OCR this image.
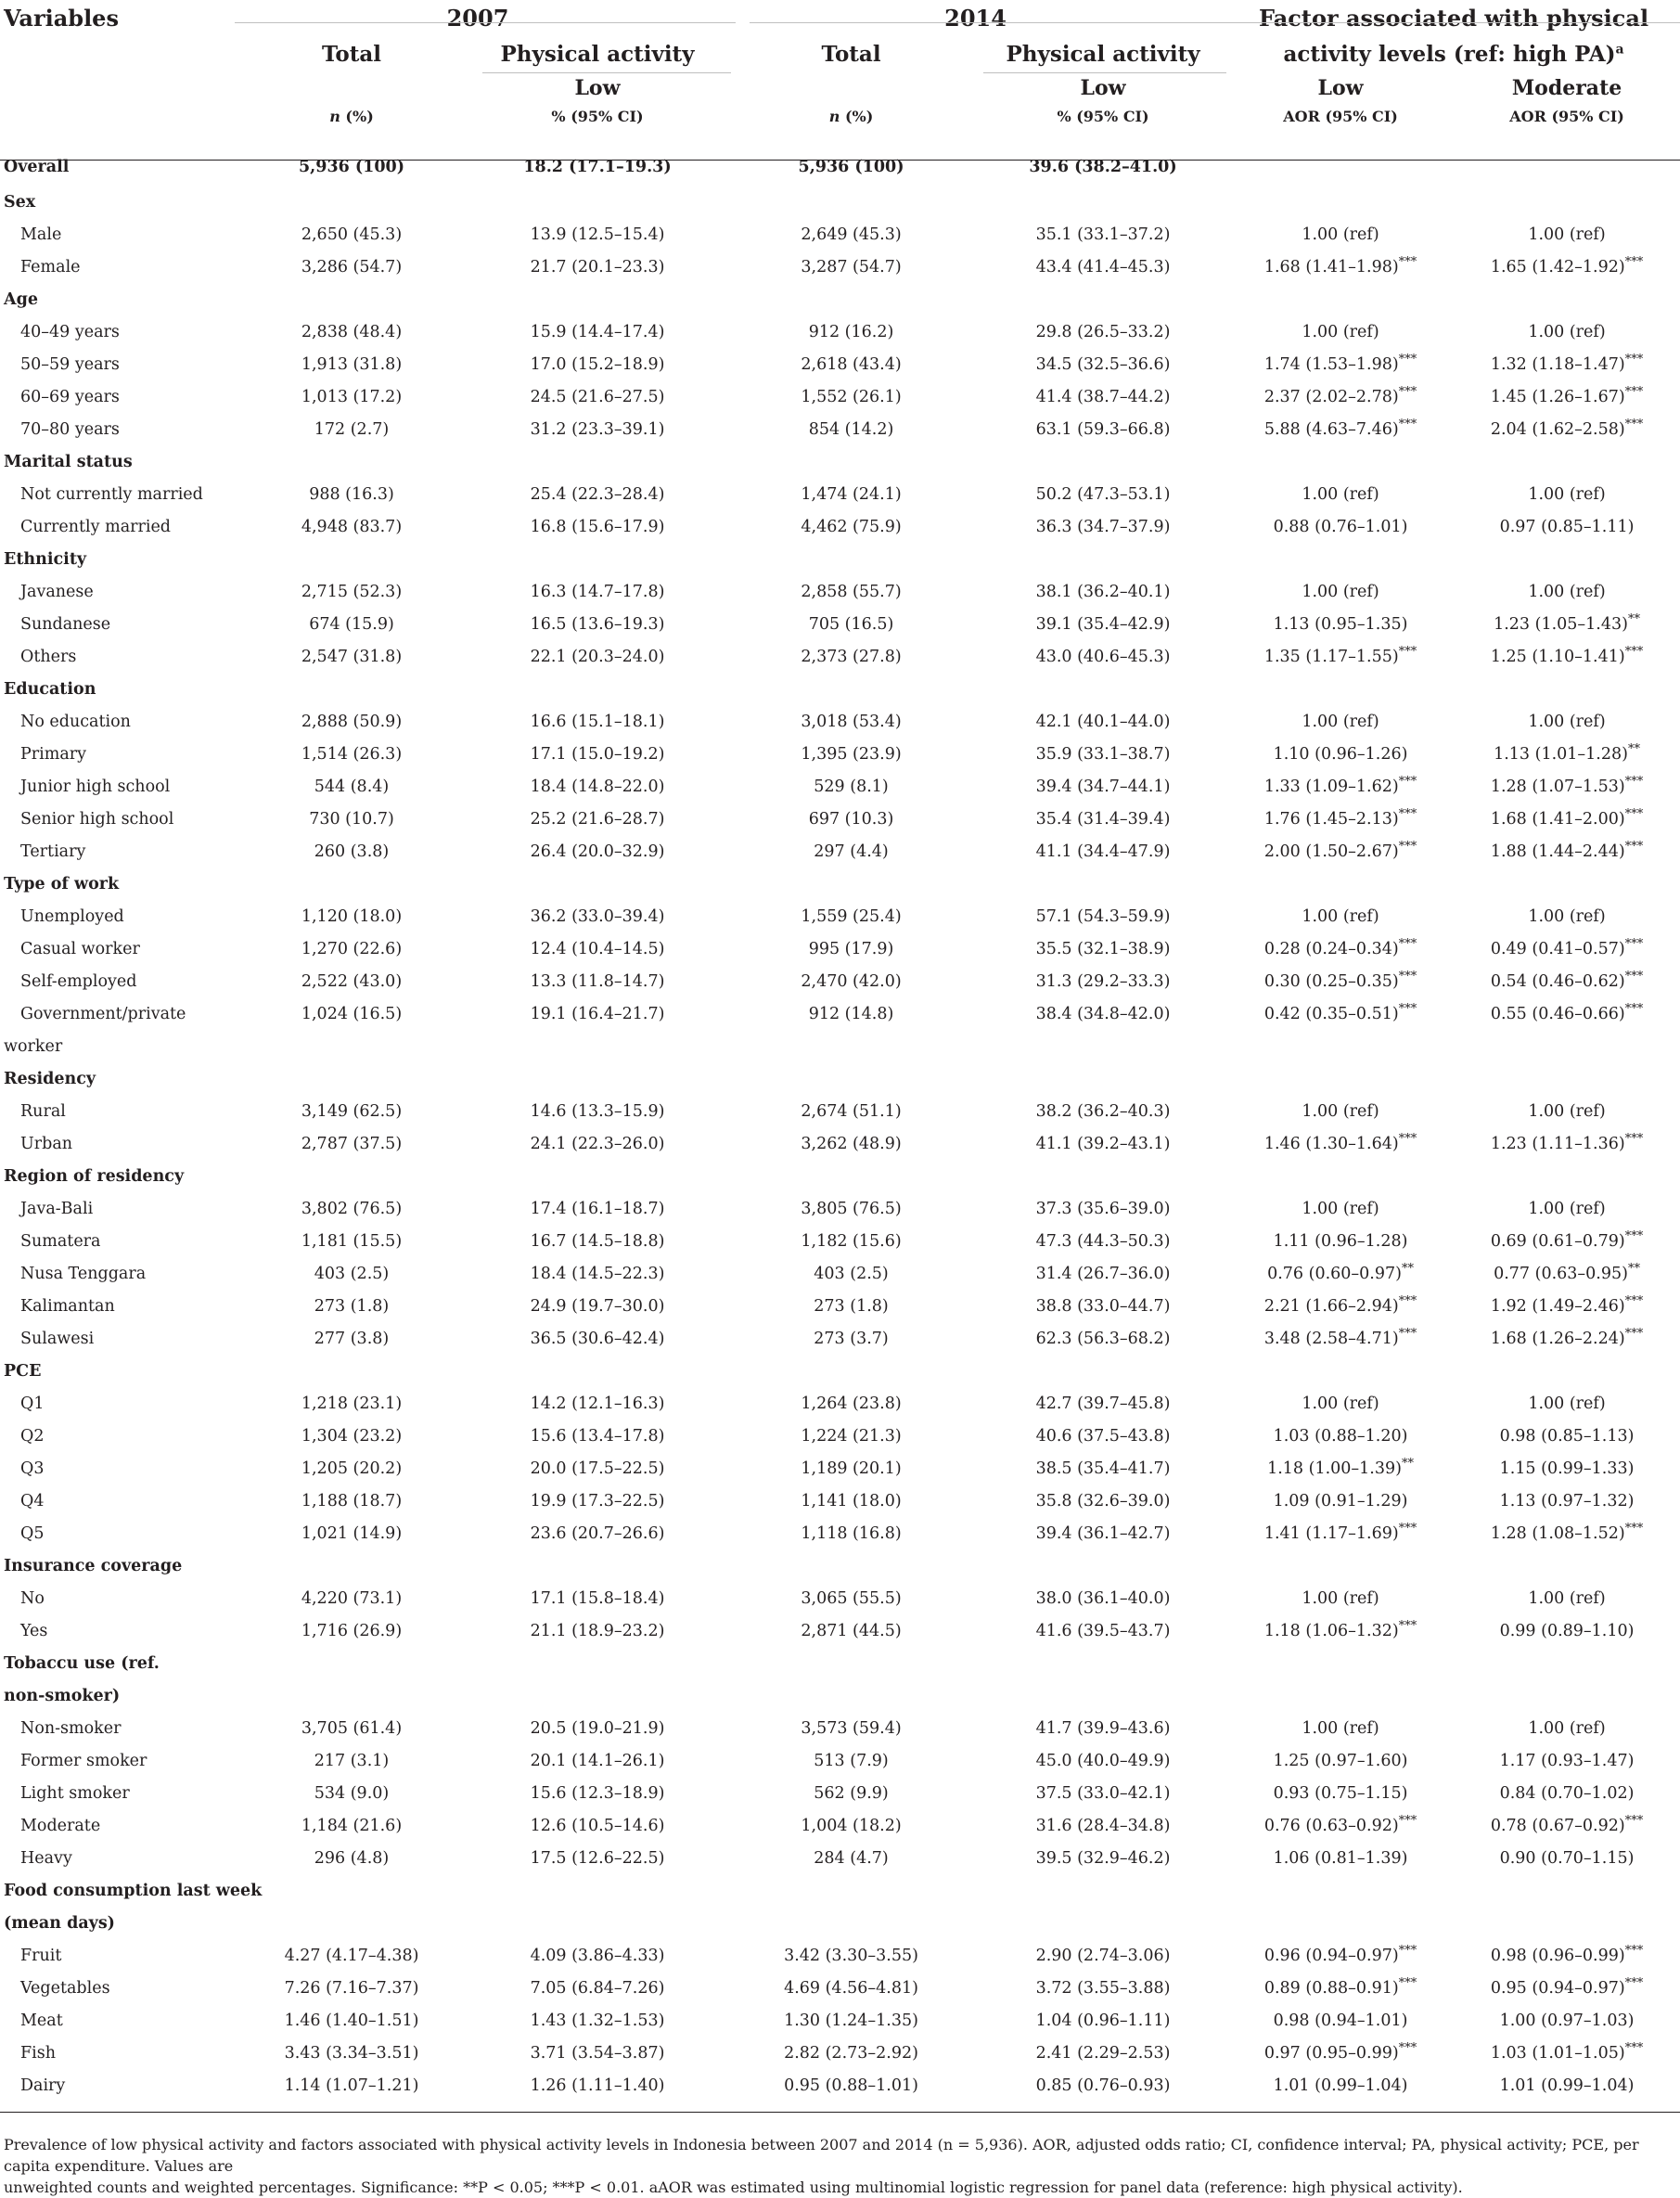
Variables	2007		2014		Factor associated with physical	
	Total	Physical activity	Total	Physical activity	activity levels (ref: high PA)$^a$
		Low		Low	Low	Moderate
	n (%)	% (95% CI)	n (%)	% (95% CI)	AOR (95% CI)	AOR (95% CI)
Overall	5,936 (100)	18.2 (17.1–19.3)	5,936 (100)	39.6 (38.2–41.0)		
Sex						
Male	2,650 (45.3)	13.9 (12.5–15.4)	2,649 (45.3)	35.1 (33.1–37.2)	1.00 (ref)	1.00 (ref)
Female	3,286 (54.7)	21.7 (20.1–23.3)	3,287 (54.7)	43.4 (41.4–45.3)	1.68 (1.41–1.98)***	1.65 (1.42–1.92)***
Age						
40–49 years	2,838 (48.4)	15.9 (14.4–17.4)	912 (16.2)	29.8 (26.5–33.2)	1.00 (ref)	1.00 (ref)
50–59 years	1,913 (31.8)	17.0 (15.2–18.9)	2,618 (43.4)	34.5 (32.5–36.6)	1.74 (1.53–1.98)***	1.32 (1.18–1.47)***
60–69 years	1,013 (17.2)	24.5 (21.6–27.5)	1,552 (26.1)	41.4 (38.7–44.2)	2.37 (2.02–2.78)***	1.45 (1.26–1.67)***
70–80 years	172 (2.7)	31.2 (23.3–39.1)	854 (14.2)	63.1 (59.3–66.8)	5.88 (4.63–7.46)***	2.04 (1.62–2.58)***
Marital status						
Not currently married	988 (16.3)	25.4 (22.3–28.4)	1,474 (24.1)	50.2 (47.3–53.1)	1.00 (ref)	1.00 (ref)
Currently married	4,948 (83.7)	16.8 (15.6–17.9)	4,462 (75.9)	36.3 (34.7–37.9)	0.88 (0.76–1.01)	0.97 (0.85–1.11)
Ethnicity						
Javanese	2,715 (52.3)	16.3 (14.7–17.8)	2,858 (55.7)	38.1 (36.2–40.1)	1.00 (ref)	1.00 (ref)
Sundanese	674 (15.9)	16.5 (13.6–19.3)	705 (16.5)	39.1 (35.4–42.9)	1.13 (0.95–1.35)	1.23 (1.05–1.43)**
Others	2,547 (31.8)	22.1 (20.3–24.0)	2,373 (27.8)	43.0 (40.6–45.3)	1.35 (1.17–1.55)***	1.25 (1.10–1.41)***
Education						
No education	2,888 (50.9)	16.6 (15.1–18.1)	3,018 (53.4)	42.1 (40.1–44.0)	1.00 (ref)	1.00 (ref)
Primary	1,514 (26.3)	17.1 (15.0–19.2)	1,395 (23.9)	35.9 (33.1–38.7)	1.10 (0.96–1.26)	1.13 (1.01–1.28)**
Junior high school	544 (8.4)	18.4 (14.8–22.0)	529 (8.1)	39.4 (34.7–44.1)	1.33 (1.09–1.62)***	1.28 (1.07–1.53)***
Senior high school	730 (10.7)	25.2 (21.6–28.7)	697 (10.3)	35.4 (31.4–39.4)	1.76 (1.45–2.13)***	1.68 (1.41–2.00)***
Tertiary	260 (3.8)	26.4 (20.0–32.9)	297 (4.4)	41.1 (34.4–47.9)	2.00 (1.50–2.67)***	1.88 (1.44–2.44)***
Type of work						
Unemployed	1,120 (18.0)	36.2 (33.0–39.4)	1,559 (25.4)	57.1 (54.3–59.9)	1.00 (ref)	1.00 (ref)
Casual worker	1,270 (22.6)	12.4 (10.4–14.5)	995 (17.9)	35.5 (32.1–38.9)	0.28 (0.24–0.34)***	0.49 (0.41–0.57)***
Self-employed	2,522 (43.0)	13.3 (11.8–14.7)	2,470 (42.0)	31.3 (29.2–33.3)	0.30 (0.25–0.35)***	0.54 (0.46–0.62)***
Government/private	1,024 (16.5)	19.1 (16.4–21.7)	912 (14.8)	38.4 (34.8–42.0)	0.42 (0.35–0.51)***	0.55 (0.46–0.66)***
worker						
Residency						
Rural	3,149 (62.5)	14.6 (13.3–15.9)	2,674 (51.1)	38.2 (36.2–40.3)	1.00 (ref)	1.00 (ref)
Urban	2,787 (37.5)	24.1 (22.3–26.0)	3,262 (48.9)	41.1 (39.2–43.1)	1.46 (1.30–1.64)***	1.23 (1.11–1.36)***
Region of residency						
Java-Bali	3,802 (76.5)	17.4 (16.1–18.7)	3,805 (76.5)	37.3 (35.6–39.0)	1.00 (ref)	1.00 (ref)
Sumatera	1,181 (15.5)	16.7 (14.5–18.8)	1,182 (15.6)	47.3 (44.3–50.3)	1.11 (0.96–1.28)	0.69 (0.61–0.79)***
Nusa Tenggara	403 (2.5)	18.4 (14.5–22.3)	403 (2.5)	31.4 (26.7–36.0)	0.76 (0.60–0.97)**	0.77 (0.63–0.95)**
Kalimantan	273 (1.8)	24.9 (19.7–30.0)	273 (1.8)	38.8 (33.0–44.7)	2.21 (1.66–2.94)***	1.92 (1.49–2.46)***
Sulawesi	277 (3.8)	36.5 (30.6–42.4)	273 (3.7)	62.3 (56.3–68.2)	3.48 (2.58–4.71)***	1.68 (1.26–2.24)***
PCE						
Q1	1,218 (23.1)	14.2 (12.1–16.3)	1,264 (23.8)	42.7 (39.7–45.8)	1.00 (ref)	1.00 (ref)
Q2	1,304 (23.2)	15.6 (13.4–17.8)	1,224 (21.3)	40.6 (37.5–43.8)	1.03 (0.88–1.20)	0.98 (0.85–1.13)
Q3	1,205 (20.2)	20.0 (17.5–22.5)	1,189 (20.1)	38.5 (35.4–41.7)	1.18 (1.00–1.39)**	1.15 (0.99–1.33)
Q4	1,188 (18.7)	19.9 (17.3–22.5)	1,141 (18.0)	35.8 (32.6–39.0)	1.09 (0.91–1.29)	1.13 (0.97–1.32)
Q5	1,021 (14.9)	23.6 (20.7–26.6)	1,118 (16.8)	39.4 (36.1–42.7)	1.41 (1.17–1.69)***	1.28 (1.08–1.52)***
Insurance coverage						
No	4,220 (73.1)	17.1 (15.8–18.4)	3,065 (55.5)	38.0 (36.1–40.0)	1.00 (ref)	1.00 (ref)
Yes	1,716 (26.9)	21.1 (18.9–23.2)	2,871 (44.5)	41.6 (39.5–43.7)	1.18 (1.06–1.32)***	0.99 (0.89–1.10)
Tobaccu use (ref.						
non-smoker)						
Non-smoker	3,705 (61.4)	20.5 (19.0–21.9)	3,573 (59.4)	41.7 (39.9–43.6)	1.00 (ref)	1.00 (ref)
Former smoker	217 (3.1)	20.1 (14.1–26.1)	513 (7.9)	45.0 (40.0–49.9)	1.25 (0.97–1.60)	1.17 (0.93–1.47)
Light smoker	534 (9.0)	15.6 (12.3–18.9)	562 (9.9)	37.5 (33.0–42.1)	0.93 (0.75–1.15)	0.84 (0.70–1.02)
Moderate	1,184 (21.6)	12.6 (10.5–14.6)	1,004 (18.2)	31.6 (28.4–34.8)	0.76 (0.63–0.92)***	0.78 (0.67–0.92)***
Heavy	296 (4.8)	17.5 (12.6–22.5)	284 (4.7)	39.5 (32.9–46.2)	1.06 (0.81–1.39)	0.90 (0.70–1.15)
Food consumption last week						
(mean days)						
Fruit	4.27 (4.17–4.38)	4.09 (3.86–4.33)	3.42 (3.30–3.55)	2.90 (2.74–3.06)	0.96 (0.94–0.97)***	0.98 (0.96–0.99)***
Vegetables	7.26 (7.16–7.37)	7.05 (6.84–7.26)	4.69 (4.56–4.81)	3.72 (3.55–3.88)	0.89 (0.88–0.91)***	0.95 (0.94–0.97)***
Meat	1.46 (1.40–1.51)	1.43 (1.32–1.53)	1.30 (1.24–1.35)	1.04 (0.96–1.11)	0.98 (0.94–1.01)	1.00 (0.97–1.03)
Fish	3.43 (3.34–3.51)	3.71 (3.54–3.87)	2.82 (2.73–2.92)	2.41 (2.29–2.53)	0.97 (0.95–0.99)***	1.03 (1.01–1.05)***
Dairy	1.14 (1.07–1.21)	1.26 (1.11–1.40)	0.95 (0.88–1.01)	0.85 (0.76–0.93)	1.01 (0.99–1.04)	1.01 (0.99–1.04)
Prevalence of low physical activity and factors associated with physical activity levels in Indonesia between 2007 and 2014 (n = 5,936). AOR, adjusted odds ratio; CI, confidence interval; PA, physical activity; PCE, per capita expenditure. Values are
unweighted counts and weighted percentages. Significance: **P < 0.05; ***P < 0.01. aAOR was estimated using multinomial logistic regression for panel data (reference: high physical activity).
